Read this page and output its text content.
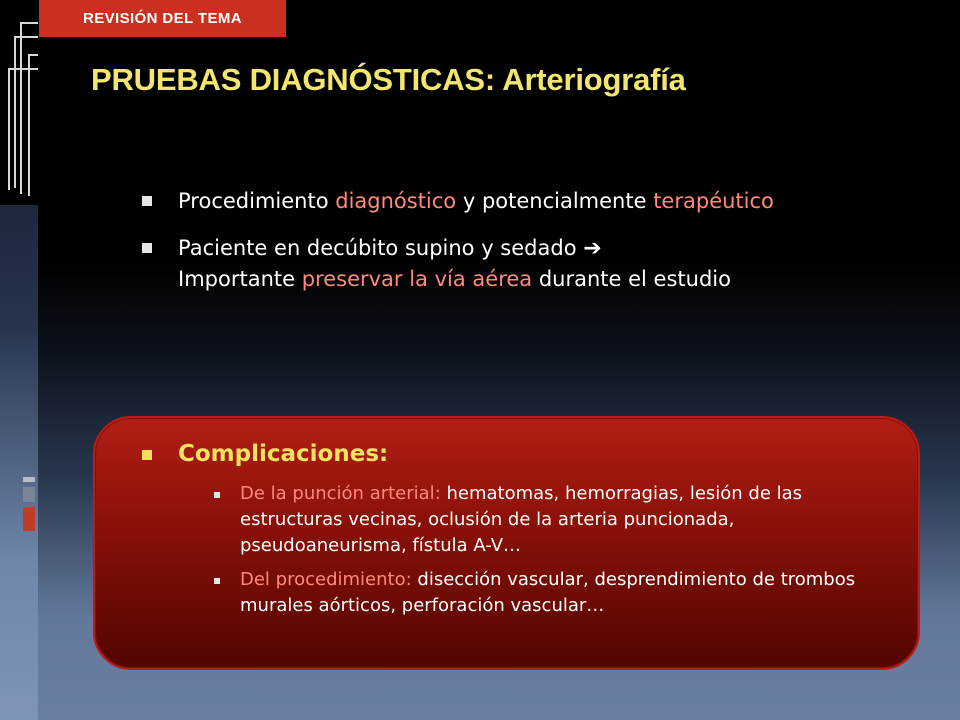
REVISIÓN DEL TEMA
PRUEBAS DIAGNÓSTICAS: Arteriografía
Procedimiento diagnóstico y potencialmente terapéutico
Paciente en decúbito supino y sedado ➔
Importante preservar la vía aérea durante el estudio
Complicaciones:
De la punción arterial: hematomas, hemorragias, lesión de las estructuras vecinas, oclusión de la arteria puncionada, pseudoaneurisma, fístula A-V…
Del procedimiento: disección vascular, desprendimiento de trombos murales aórticos, perforación vascular…
